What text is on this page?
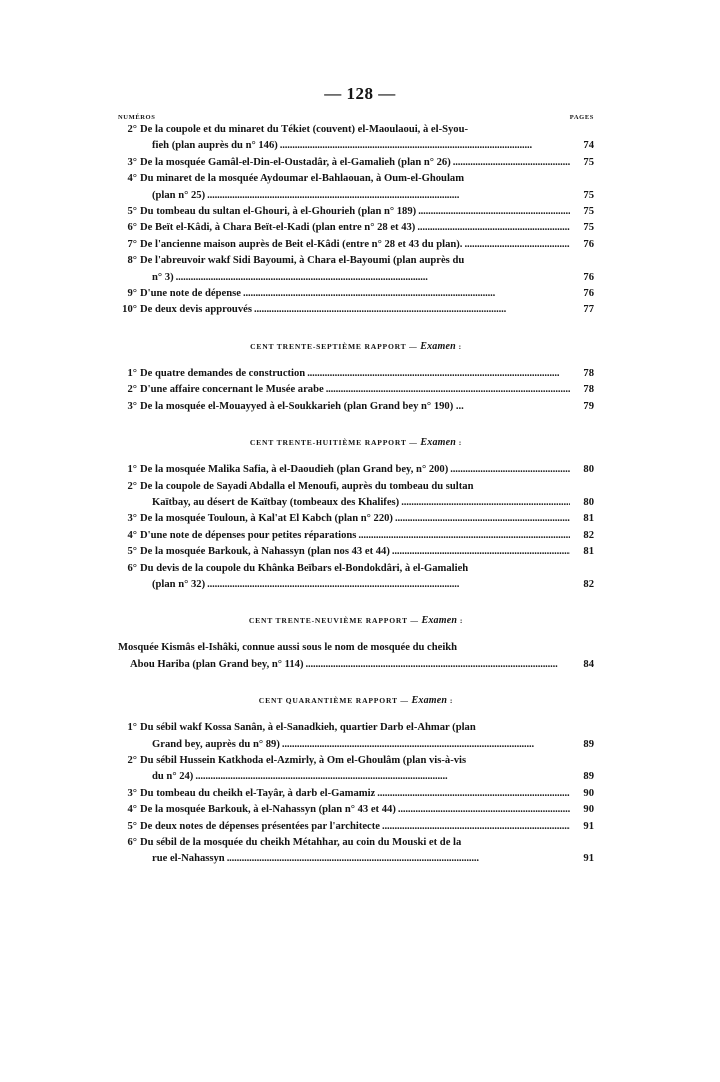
— 128 —
NUMÉROS	PAGES
2° De la coupole et du minaret du Tékiet (couvent) el-Maoulaoui, à el-Syou-
fieh (plan auprès du n° 146) . . .	74
3° De la mosquée Gamâl-el-Din-el-Oustadâr, à el-Gamalieh (plan n° 26) . . .	75
4° Du minaret de la mosquée Aydoumar el-Bahlaouan, à Oum-el-Ghoulam
(plan n° 25) . . .	75
5° Du tombeau du sultan el-Ghouri, à el-Ghourieh (plan n° 189) . . .	75
6° De Beït el-Kâdi, à Chara Beït-el-Kadi (plan entre n° 28 et 43) . . .	75
7° De l'ancienne maison auprès de Beit el-Kâdi (entre n° 28 et 43 du plan). . . .	76
8° De l'abreuvoir wakf Sidi Bayoumi, à Chara el-Bayoumi (plan auprès du
n° 3) . . .	76
9° D'une note de dépense . . .	76
10° De deux devis approuvés . . .	77
CENT TRENTE-SEPTIÈME RAPPORT — Examen :
1° De quatre demandes de construction . . .	78
2° D'une affaire concernant le Musée arabe . . .	78
3° De la mosquée el-Mouayyed à el-Soukkarieh (plan Grand bey n° 190) ...	79
CENT TRENTE-HUITIÈME RAPPORT — Examen :
1° De la mosquée Malika Safia, à el-Daoudieh (plan Grand bey, n° 200) . . .	80
2° De la coupole de Sayadi Abdalla el Menoufi, auprès du tombeau du sultan
Kaïtbay, au désert de Kaïtbay (tombeaux des Khalifes) . . .	80
3° De la mosquée Touloun, à Kal'at El Kabch (plan n° 220) . . .	81
4° D'une note de dépenses pour petites réparations . . .	82
5° De la mosquée Barkouk, à Nahassyn (plan nos 43 et 44) . . .	81
6° Du devis de la coupole du Khânka Beïbars el-Bondokdâri, à el-Gamalieh
(plan n° 32) . . .	82
CENT TRENTE-NEUVIÈME RAPPORT — Examen :
Mosquée Kismâs el-Ishâki, connue aussi sous le nom de mosquée du cheikh
Abou Hariba (plan Grand bey, n° 114) . . .	84
CENT QUARANTIÈME RAPPORT — Examen :
1° Du sébil wakf Kossa Sanân, à el-Sanadkieh, quartier Darb el-Ahmar (plan
Grand bey, auprès du n° 89) . . .	89
2° Du sébil Hussein Katkhoda el-Azmirly, à Om el-Ghoulâm (plan vis-à-vis
du n° 24) . . .	89
3° Du tombeau du cheikh el-Tayâr, à darb el-Gamamiz . . .	90
4° De la mosquée Barkouk, à el-Nahassyn (plan n° 43 et 44) . . .	90
5° De deux notes de dépenses présentées par l'architecte . . .	91
6° Du sébil de la mosquée du cheikh Métahhar, au coin du Mouski et de la
rue el-Nahassyn . . .	91
